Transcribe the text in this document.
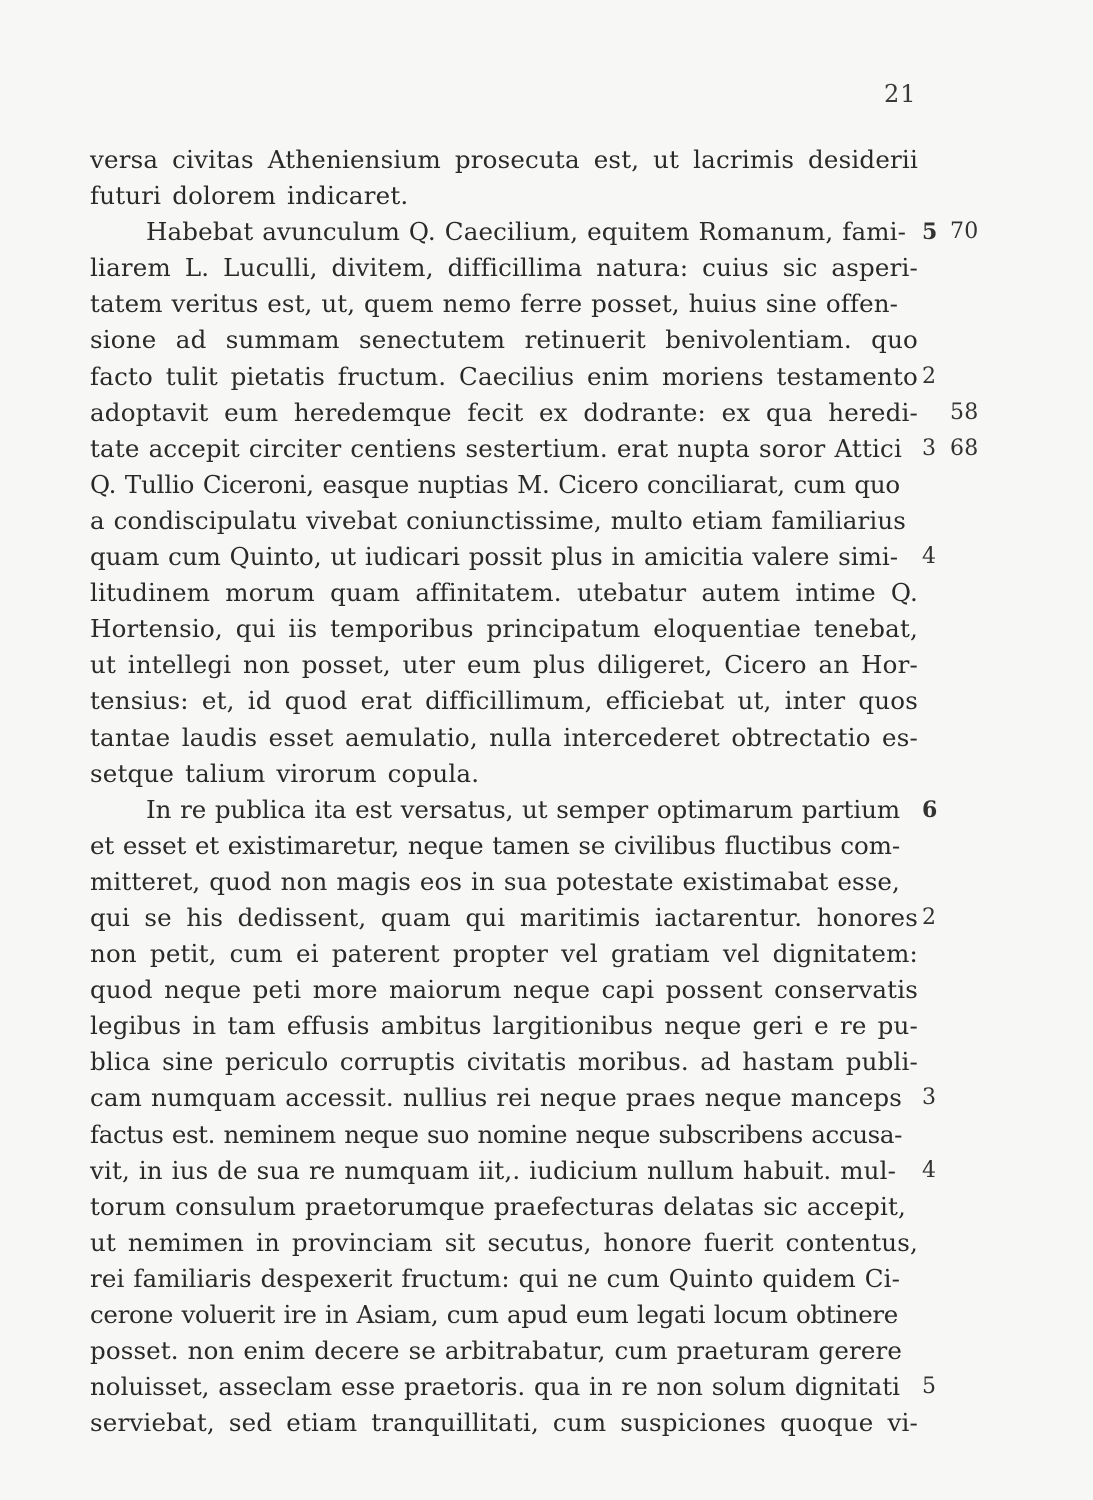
21
versa civitas Atheniensium prosecuta est, ut lacrimis desiderii
futuri dolorem indicaret.
Habebat avunculum Q. Caecilium, equitem Romanum, fami- 5 70
liarem L. Luculli, divitem, difficillima natura: cuius sic asperi-
tatem veritus est, ut, quem nemo ferre posset, huius sine offen-
sione ad summam senectutem retinuerit benivolentiam. quo
facto tulit pietatis fructum. Caecilius enim moriens testamento 2
adoptavit eum heredemque fecit ex dodrante: ex qua heredi- 58
tate accepit circiter centiens sestertium. erat nupta soror Attici 3 68
Q. Tullio Ciceroni, easque nuptias M. Cicero conciliarat, cum quo
a condiscipulatu vivebat coniunctissime, multo etiam familiarius
quam cum Quinto, ut iudicari possit plus in amicitia valere simi- 4
litudinem morum quam affinitatem. utebatur autem intime Q.
Hortensio, qui iis temporibus principatum eloquentiae tenebat,
ut intellegi non posset, uter eum plus diligeret, Cicero an Hor-
tensius: et, id quod erat difficillimum, efficiebat ut, inter quos
tantae laudis esset aemulatio, nulla intercederet obtrectatio es-
setque talium virorum copula.
In re publica ita est versatus, ut semper optimarum partium 6
et esset et existimaretur, neque tamen se civilibus fluctibus com-
mitteret, quod non magis eos in sua potestate existimabat esse,
qui se his dedissent, quam qui maritimis iactarentur. honores 2
non petit, cum ei paterent propter vel gratiam vel dignitatem:
quod neque peti more maiorum neque capi possent conservatis
legibus in tam effusis ambitus largitionibus neque geri e re pu-
blica sine periculo corruptis civitatis moribus. ad hastam publi-
cam numquam accessit. nullius rei neque praes neque manceps 3
factus est. neminem neque suo nomine neque subscribens accusa-
vit, in ius de sua re numquam iit,. iudicium nullum habuit. mul- 4
torum consulum praetorumque praefecturas delatas sic accepit,
ut nemimen in provinciam sit secutus, honore fuerit contentus,
rei familiaris despexerit fructum: qui ne cum Quinto quidem Ci-
cerone voluerit ire in Asiam, cum apud eum legati locum obtinere
posset. non enim decere se arbitrabatur, cum praeturam gerere
noluisset, asseclam esse praetoris. qua in re non solum dignitati 5
serviebat, sed etiam tranquillitati, cum suspiciones quoque vi-
